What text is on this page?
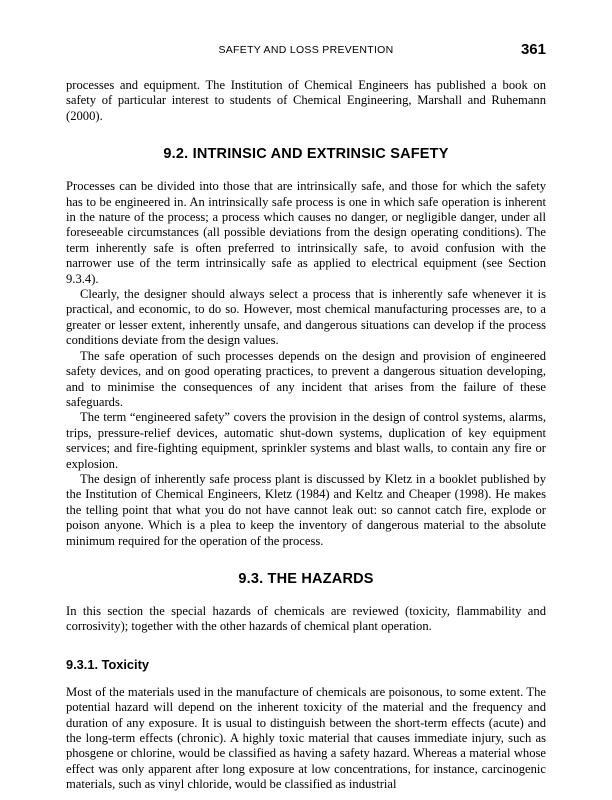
SAFETY AND LOSS PREVENTION	361

processes and equipment. The Institution of Chemical Engineers has published a book on safety of particular interest to students of Chemical Engineering, Marshall and Ruhemann (2000).

9.2. INTRINSIC AND EXTRINSIC SAFETY

Processes can be divided into those that are intrinsically safe, and those for which the safety has to be engineered in. An intrinsically safe process is one in which safe operation is inherent in the nature of the process; a process which causes no danger, or negligible danger, under all foreseeable circumstances (all possible deviations from the design operating conditions). The term inherently safe is often preferred to intrinsically safe, to avoid confusion with the narrower use of the term intrinsically safe as applied to electrical equipment (see Section 9.3.4).

Clearly, the designer should always select a process that is inherently safe whenever it is practical, and economic, to do so. However, most chemical manufacturing processes are, to a greater or lesser extent, inherently unsafe, and dangerous situations can develop if the process conditions deviate from the design values.

The safe operation of such processes depends on the design and provision of engineered safety devices, and on good operating practices, to prevent a dangerous situation developing, and to minimise the consequences of any incident that arises from the failure of these safeguards.

The term “engineered safety” covers the provision in the design of control systems, alarms, trips, pressure-relief devices, automatic shut-down systems, duplication of key equipment services; and fire-fighting equipment, sprinkler systems and blast walls, to contain any fire or explosion.

The design of inherently safe process plant is discussed by Kletz in a booklet published by the Institution of Chemical Engineers, Kletz (1984) and Keltz and Cheaper (1998). He makes the telling point that what you do not have cannot leak out: so cannot catch fire, explode or poison anyone. Which is a plea to keep the inventory of dangerous material to the absolute minimum required for the operation of the process.

9.3. THE HAZARDS

In this section the special hazards of chemicals are reviewed (toxicity, flammability and corrosivity); together with the other hazards of chemical plant operation.

9.3.1. Toxicity

Most of the materials used in the manufacture of chemicals are poisonous, to some extent. The potential hazard will depend on the inherent toxicity of the material and the frequency and duration of any exposure. It is usual to distinguish between the short-term effects (acute) and the long-term effects (chronic). A highly toxic material that causes immediate injury, such as phosgene or chlorine, would be classified as having a safety hazard. Whereas a material whose effect was only apparent after long exposure at low concentrations, for instance, carcinogenic materials, such as vinyl chloride, would be classified as industrial
